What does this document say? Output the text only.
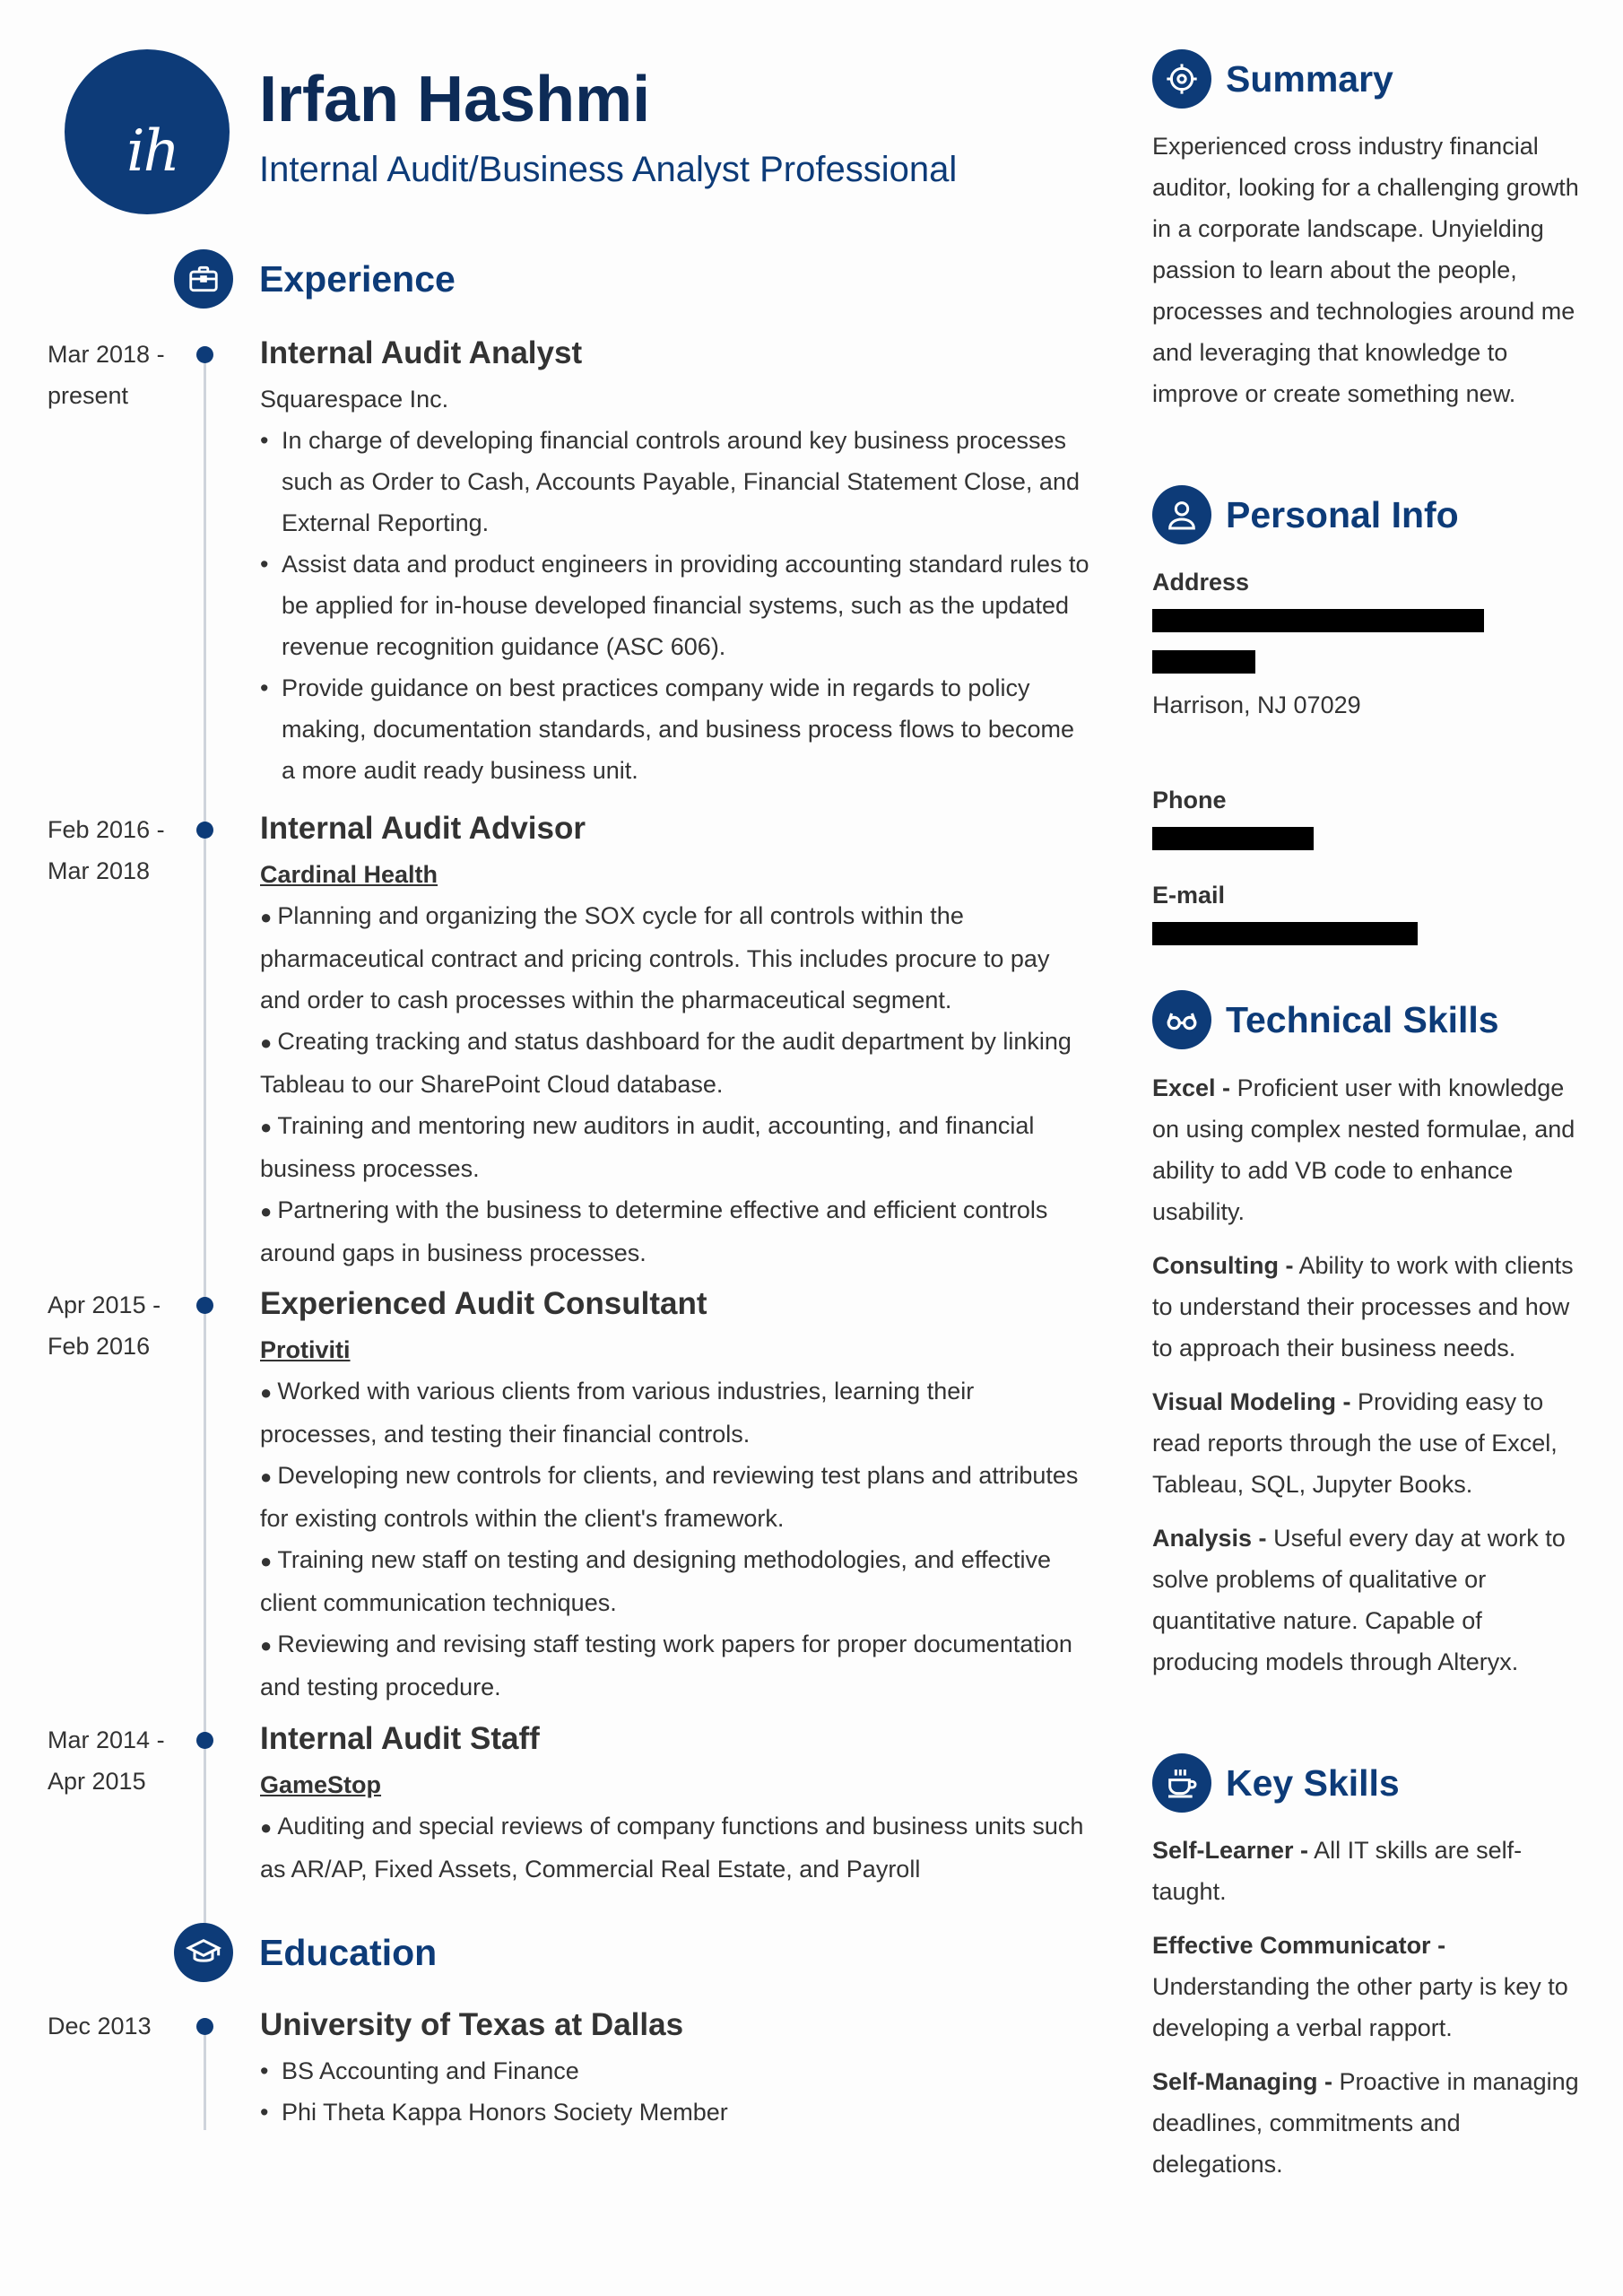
ih
Irfan Hashmi

Internal Audit/Business Analyst Professional

Experience
Mar 2018 -
present
Internal Audit Analyst

Squarespace Inc.

• In charge of developing financial controls around key business processes such as Order to Cash, Accounts Payable, Financial Statement Close, and External Reporting.
• Assist data and product engineers in providing accounting standard rules to be applied for in-house developed financial systems, such as the updated revenue recognition guidance (ASC 606).
• Provide guidance on best practices company wide in regards to policy making, documentation standards, and business process flows to become a more audit ready business unit.
Feb 2016 -
Mar 2018
Internal Audit Advisor

Cardinal Health

● Planning and organizing the SOX cycle for all controls within the pharmaceutical contract and pricing controls. This includes procure to pay and order to cash processes within the pharmaceutical segment.
● Creating tracking and status dashboard for the audit department by linking Tableau to our SharePoint Cloud database.
● Training and mentoring new auditors in audit, accounting, and financial business processes.
● Partnering with the business to determine effective and efficient controls around gaps in business processes.
Apr 2015 -
Feb 2016
Experienced Audit Consultant

Protiviti

● Worked with various clients from various industries, learning their processes, and testing their financial controls.
● Developing new controls for clients, and reviewing test plans and attributes for existing controls within the client's framework.
● Training new staff on testing and designing methodologies, and effective client communication techniques.
● Reviewing and revising staff testing work papers for proper documentation and testing procedure.
Mar 2014 -
Apr 2015
Internal Audit Staff

GameStop

● Auditing and special reviews of company functions and business units such as AR/AP, Fixed Assets, Commercial Real Estate, and Payroll
Education
Dec 2013	University of Texas at Dallas
• BS Accounting and Finance
• Phi Theta Kappa Honors Society Member
Summary

Experienced cross industry financial auditor, looking for a challenging growth in a corporate landscape. Unyielding passion to learn about the people, processes and technologies around me and leveraging that knowledge to improve or create something new.

Personal Info

Address

Harrison, NJ 07029

Phone

E-mail

Technical Skills

Excel - Proficient user with knowledge on using complex nested formulae, and ability to add VB code to enhance usability.

Consulting - Ability to work with clients to understand their processes and how to approach their business needs.

Visual Modeling - Providing easy to read reports through the use of Excel, Tableau, SQL, Jupyter Books.

Analysis - Useful every day at work to solve problems of qualitative or quantitative nature. Capable of producing models through Alteryx.

Key Skills

Self-Learner - All IT skills are self-taught.

Effective Communicator - Understanding the other party is key to developing a verbal rapport.

Self-Managing - Proactive in managing deadlines, commitments and delegations.
